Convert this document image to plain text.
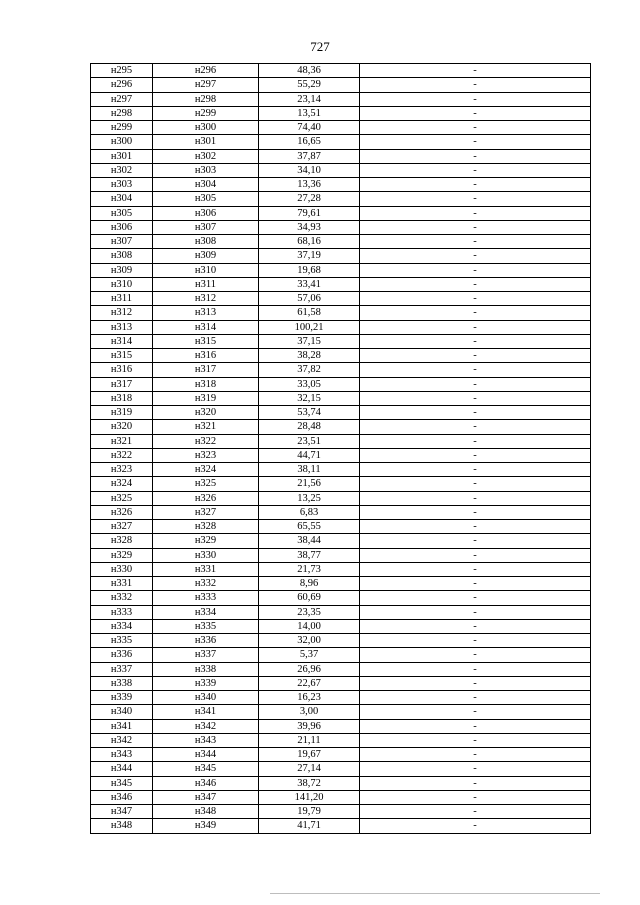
727
н295	н296	48,36	-
н296	н297	55,29	-
н297	н298	23,14	-
н298	н299	13,51	-
н299	н300	74,40	-
н300	н301	16,65	-
н301	н302	37,87	-
н302	н303	34,10	-
н303	н304	13,36	-
н304	н305	27,28	-
н305	н306	79,61	-
н306	н307	34,93	-
н307	н308	68,16	-
н308	н309	37,19	-
н309	н310	19,68	-
н310	н311	33,41	-
н311	н312	57,06	-
н312	н313	61,58	-
н313	н314	100,21	-
н314	н315	37,15	-
н315	н316	38,28	-
н316	н317	37,82	-
н317	н318	33,05	-
н318	н319	32,15	-
н319	н320	53,74	-
н320	н321	28,48	-
н321	н322	23,51	-
н322	н323	44,71	-
н323	н324	38,11	-
н324	н325	21,56	-
н325	н326	13,25	-
н326	н327	6,83	-
н327	н328	65,55	-
н328	н329	38,44	-
н329	н330	38,77	-
н330	н331	21,73	-
н331	н332	8,96	-
н332	н333	60,69	-
н333	н334	23,35	-
н334	н335	14,00	-
н335	н336	32,00	-
н336	н337	5,37	-
н337	н338	26,96	-
н338	н339	22,67	-
н339	н340	16,23	-
н340	н341	3,00	-
н341	н342	39,96	-
н342	н343	21,11	-
н343	н344	19,67	-
н344	н345	27,14	-
н345	н346	38,72	-
н346	н347	141,20	-
н347	н348	19,79	-
н348	н349	41,71	-
